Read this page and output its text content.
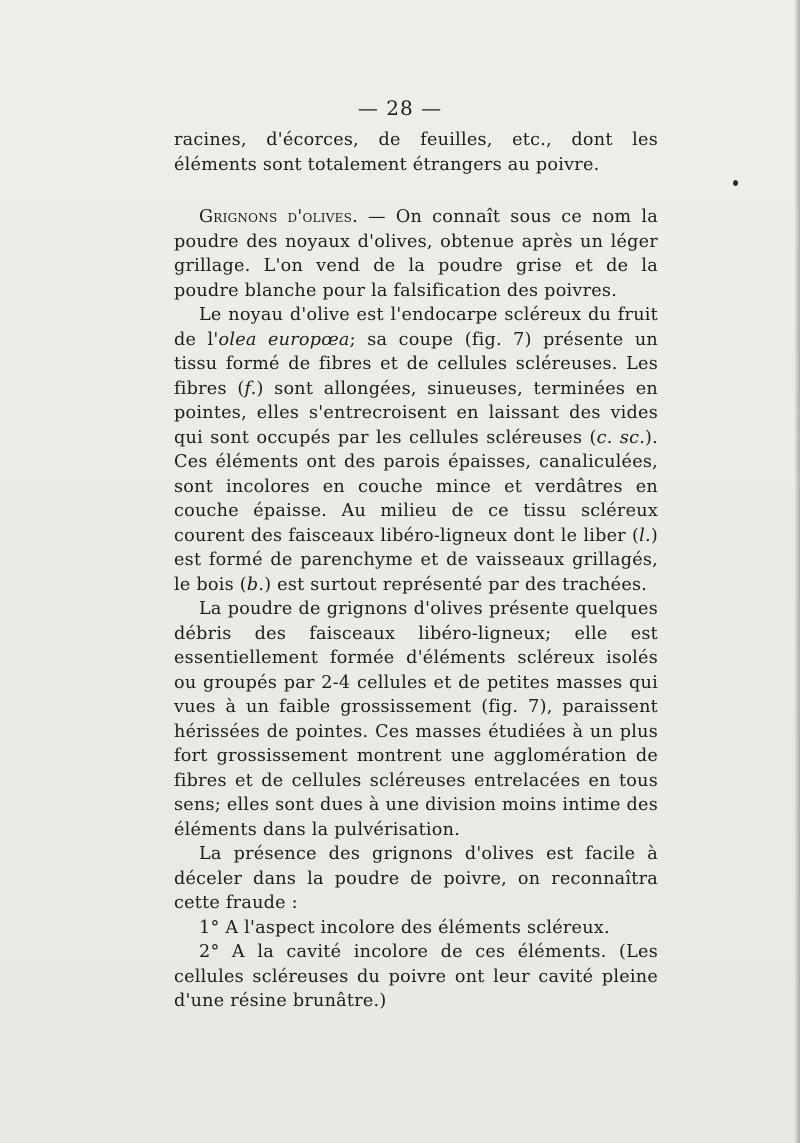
— 28 —

racines, d'écorces, de feuilles, etc., dont les éléments sont totalement étrangers au poivre.

Grignons d'olives. — On connaît sous ce nom la poudre des noyaux d'olives, obtenue après un léger grillage. L'on vend de la poudre grise et de la poudre blanche pour la falsification des poivres.

Le noyau d'olive est l'endocarpe scléreux du fruit de l'olea europœa; sa coupe (fig. 7) présente un tissu formé de fibres et de cellules scléreuses. Les fibres (f.) sont allongées, sinueuses, terminées en pointes, elles s'entrecroisent en laissant des vides qui sont occupés par les cellules scléreuses (c. sc.). Ces éléments ont des parois épaisses, canaliculées, sont incolores en couche mince et verdâtres en couche épaisse. Au milieu de ce tissu scléreux courent des faisceaux libéro-ligneux dont le liber (l.) est formé de parenchyme et de vaisseaux grillagés, le bois (b.) est surtout représenté par des trachées.

La poudre de grignons d'olives présente quelques débris des faisceaux libéro-ligneux; elle est essentiellement formée d'éléments scléreux isolés ou groupés par 2-4 cellules et de petites masses qui vues à un faible grossissement (fig. 7), paraissent hérissées de pointes. Ces masses étudiées à un plus fort grossissement montrent une agglomération de fibres et de cellules scléreuses entrelacées en tous sens; elles sont dues à une division moins intime des éléments dans la pulvérisation.

La présence des grignons d'olives est facile à déceler dans la poudre de poivre, on reconnaîtra cette fraude :

1° A l'aspect incolore des éléments scléreux.

2° A la cavité incolore de ces éléments. (Les cellules scléreuses du poivre ont leur cavité pleine d'une résine brunâtre.)
